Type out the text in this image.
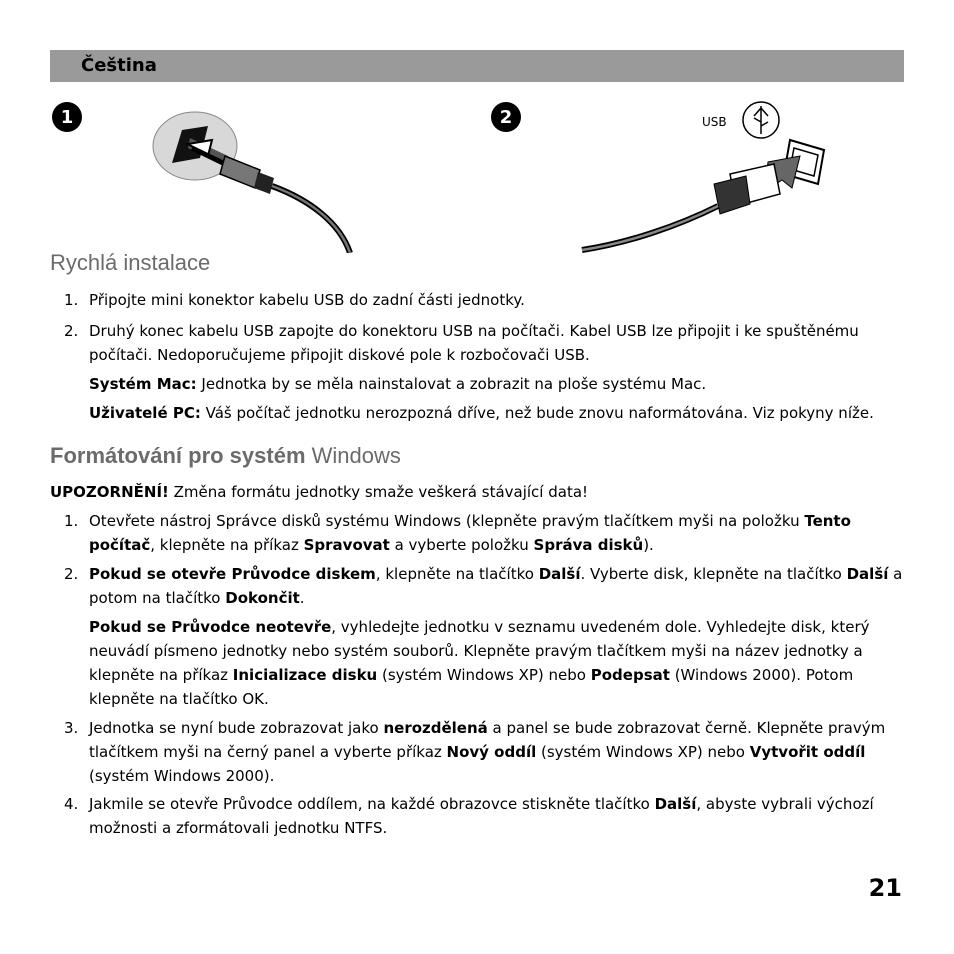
Čeština
1	2	USB
Rychlá instalace
1. Připojte mini konektor kabelu USB do zadní části jednotky.
2. Druhý konec kabelu USB zapojte do konektoru USB na počítači. Kabel USB lze připojit i ke spuštěnému počítači. Nedoporučujeme připojit diskové pole k rozbočovači USB.
Systém Mac: Jednotka by se měla nainstalovat a zobrazit na ploše systému Mac.
Uživatelé PC: Váš počítač jednotku nerozpozná dříve, než bude znovu naformátována. Viz pokyny níže.
Formátování pro systém Windows
UPOZORNĚNÍ! Změna formátu jednotky smaže veškerá stávající data!
1. Otevřete nástroj Správce disků systému Windows (klepněte pravým tlačítkem myši na položku Tento počítač, klepněte na příkaz Spravovat a vyberte položku Správa disků).
2. Pokud se otevře Průvodce diskem, klepněte na tlačítko Další. Vyberte disk, klepněte na tlačítko Další a potom na tlačítko Dokončit.
Pokud se Průvodce neotevře, vyhledejte jednotku v seznamu uvedeném dole. Vyhledejte disk, který neuvádí písmeno jednotky nebo systém souborů. Klepněte pravým tlačítkem myši na název jednotky a klepněte na příkaz Inicializace disku (systém Windows XP) nebo Podepsat (Windows 2000). Potom klepněte na tlačítko OK.
3. Jednotka se nyní bude zobrazovat jako nerozdělená a panel se bude zobrazovat černě. Klepněte pravým tlačítkem myši na černý panel a vyberte příkaz Nový oddíl (systém Windows XP) nebo Vytvořit oddíl (systém Windows 2000).
4. Jakmile se otevře Průvodce oddílem, na každé obrazovce stiskněte tlačítko Další, abyste vybrali výchozí možnosti a zformátovali jednotku NTFS.
21
